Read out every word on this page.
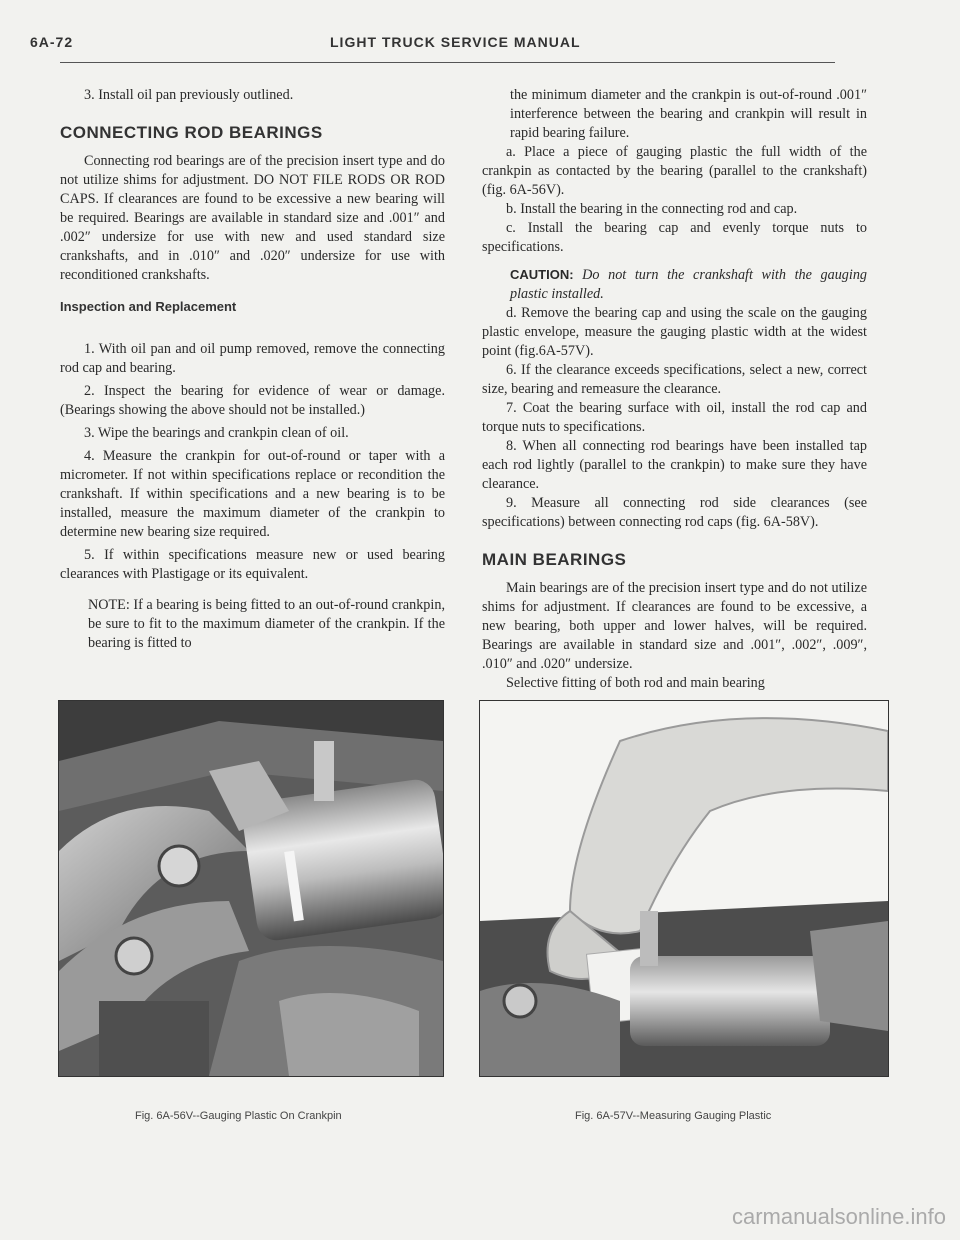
6A-72	LIGHT TRUCK SERVICE MANUAL

3. Install oil pan previously outlined.

CONNECTING ROD BEARINGS

Connecting rod bearings are of the precision insert type and do not utilize shims for adjustment. DO NOT FILE RODS OR ROD CAPS. If clearances are found to be excessive a new bearing will be required. Bearings are available in standard size and .001″ and .002″ undersize for use with new and used standard size crankshafts, and in .010″ and .020″ undersize for use with reconditioned crankshafts.

Inspection and Replacement

1. With oil pan and oil pump removed, remove the connecting rod cap and bearing.

2. Inspect the bearing for evidence of wear or damage. (Bearings showing the above should not be installed.)

3. Wipe the bearings and crankpin clean of oil.

4. Measure the crankpin for out-of-round or taper with a micrometer. If not within specifications replace or recondition the crankshaft. If within specifications and a new bearing is to be installed, measure the maximum diameter of the crankpin to determine new bearing size required.

5. If within specifications measure new or used bearing clearances with Plastigage or its equivalent.

NOTE: If a bearing is being fitted to an out-of-round crankpin, be sure to fit to the maximum diameter of the crankpin. If the bearing is fitted to

the minimum diameter and the crankpin is out-of-round .001″ interference between the bearing and crankpin will result in rapid bearing failure.

a. Place a piece of gauging plastic the full width of the crankpin as contacted by the bearing (parallel to the crankshaft) (fig. 6A-56V).

b. Install the bearing in the connecting rod and cap.

c. Install the bearing cap and evenly torque nuts to specifications.

CAUTION: Do not turn the crankshaft with the gauging plastic installed.

d. Remove the bearing cap and using the scale on the gauging plastic envelope, measure the gauging plastic width at the widest point (fig.6A-57V).

6. If the clearance exceeds specifications, select a new, correct size, bearing and remeasure the clearance.

7. Coat the bearing surface with oil, install the rod cap and torque nuts to specifications.

8. When all connecting rod bearings have been installed tap each rod lightly (parallel to the crankpin) to make sure they have clearance.

9. Measure all connecting rod side clearances (see specifications) between connecting rod caps (fig. 6A-58V).

MAIN BEARINGS

Main bearings are of the precision insert type and do not utilize shims for adjustment. If clearances are found to be excessive, a new bearing, both upper and lower halves, will be required. Bearings are available in standard size and .001″, .002″, .009″, .010″ and .020″ undersize.

Selective fitting of both rod and main bearing

Fig. 6A-56V--Gauging Plastic On Crankpin	Fig. 6A-57V--Measuring Gauging Plastic
carmanualsonline.info
